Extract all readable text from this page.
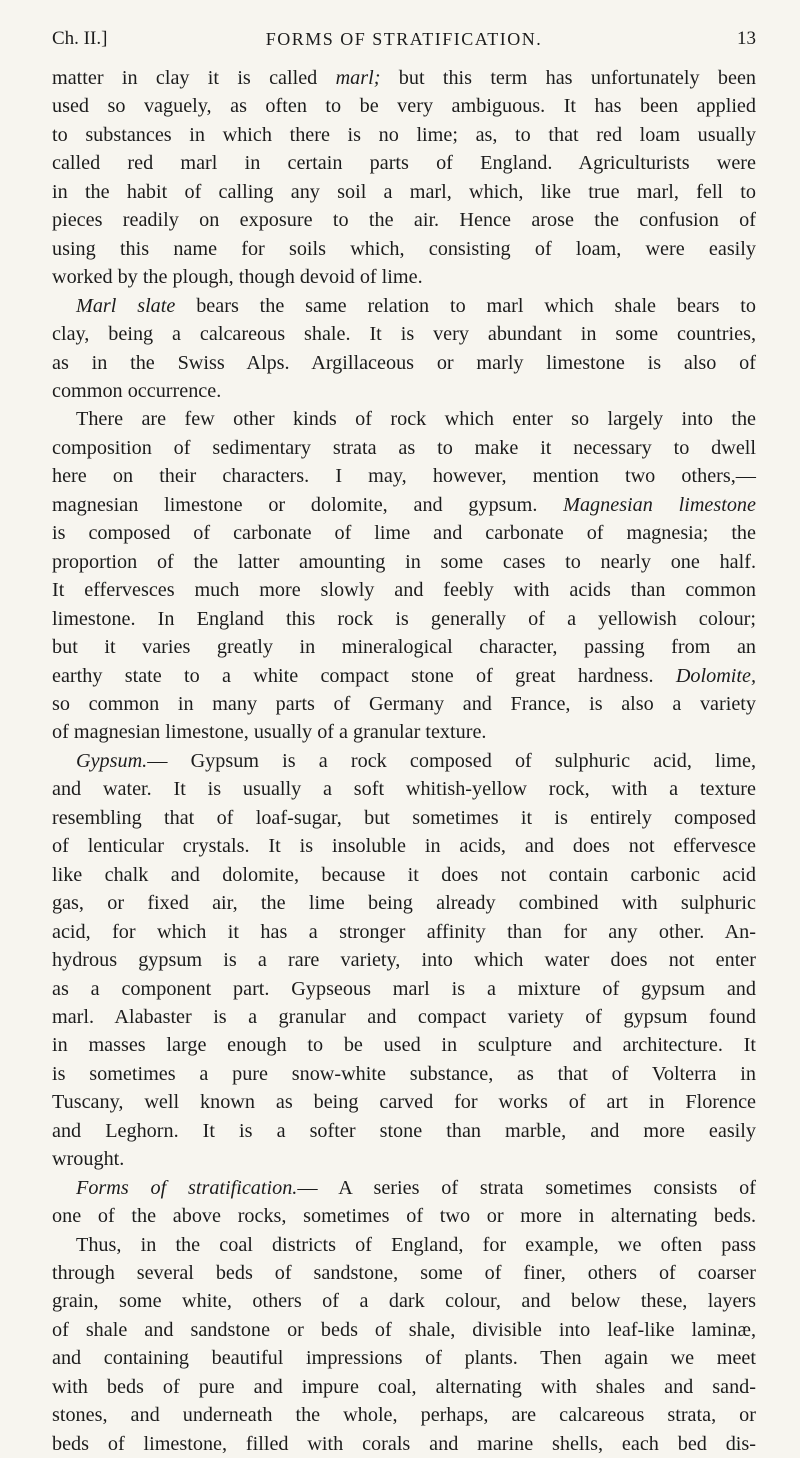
Ch. II.]	FORMS OF STRATIFICATION.	13
matter in clay it is called marl; but this term has unfortunately been
used so vaguely, as often to be very ambiguous. It has been applied
to substances in which there is no lime; as, to that red loam usually
called red marl in certain parts of England. Agriculturists were
in the habit of calling any soil a marl, which, like true marl, fell to
pieces readily on exposure to the air. Hence arose the confusion of
using this name for soils which, consisting of loam, were easily
worked by the plough, though devoid of lime.
Marl slate bears the same relation to marl which shale bears to
clay, being a calcareous shale. It is very abundant in some countries,
as in the Swiss Alps. Argillaceous or marly limestone is also of
common occurrence.
There are few other kinds of rock which enter so largely into the
composition of sedimentary strata as to make it necessary to dwell
here on their characters. I may, however, mention two others,—
magnesian limestone or dolomite, and gypsum. Magnesian limestone
is composed of carbonate of lime and carbonate of magnesia; the
proportion of the latter amounting in some cases to nearly one half.
It effervesces much more slowly and feebly with acids than common
limestone. In England this rock is generally of a yellowish colour;
but it varies greatly in mineralogical character, passing from an
earthy state to a white compact stone of great hardness. Dolomite,
so common in many parts of Germany and France, is also a variety
of magnesian limestone, usually of a granular texture.
Gypsum.— Gypsum is a rock composed of sulphuric acid, lime,
and water. It is usually a soft whitish-yellow rock, with a texture
resembling that of loaf-sugar, but sometimes it is entirely composed
of lenticular crystals. It is insoluble in acids, and does not effervesce
like chalk and dolomite, because it does not contain carbonic acid
gas, or fixed air, the lime being already combined with sulphuric
acid, for which it has a stronger affinity than for any other. An-
hydrous gypsum is a rare variety, into which water does not enter
as a component part. Gypseous marl is a mixture of gypsum and
marl. Alabaster is a granular and compact variety of gypsum found
in masses large enough to be used in sculpture and architecture. It
is sometimes a pure snow-white substance, as that of Volterra in
Tuscany, well known as being carved for works of art in Florence
and Leghorn. It is a softer stone than marble, and more easily
wrought.
Forms of stratification.— A series of strata sometimes consists of
one of the above rocks, sometimes of two or more in alternating beds.
Thus, in the coal districts of England, for example, we often pass
through several beds of sandstone, some of finer, others of coarser
grain, some white, others of a dark colour, and below these, layers
of shale and sandstone or beds of shale, divisible into leaf-like laminæ,
and containing beautiful impressions of plants. Then again we meet
with beds of pure and impure coal, alternating with shales and sand-
stones, and underneath the whole, perhaps, are calcareous strata, or
beds of limestone, filled with corals and marine shells, each bed dis-
